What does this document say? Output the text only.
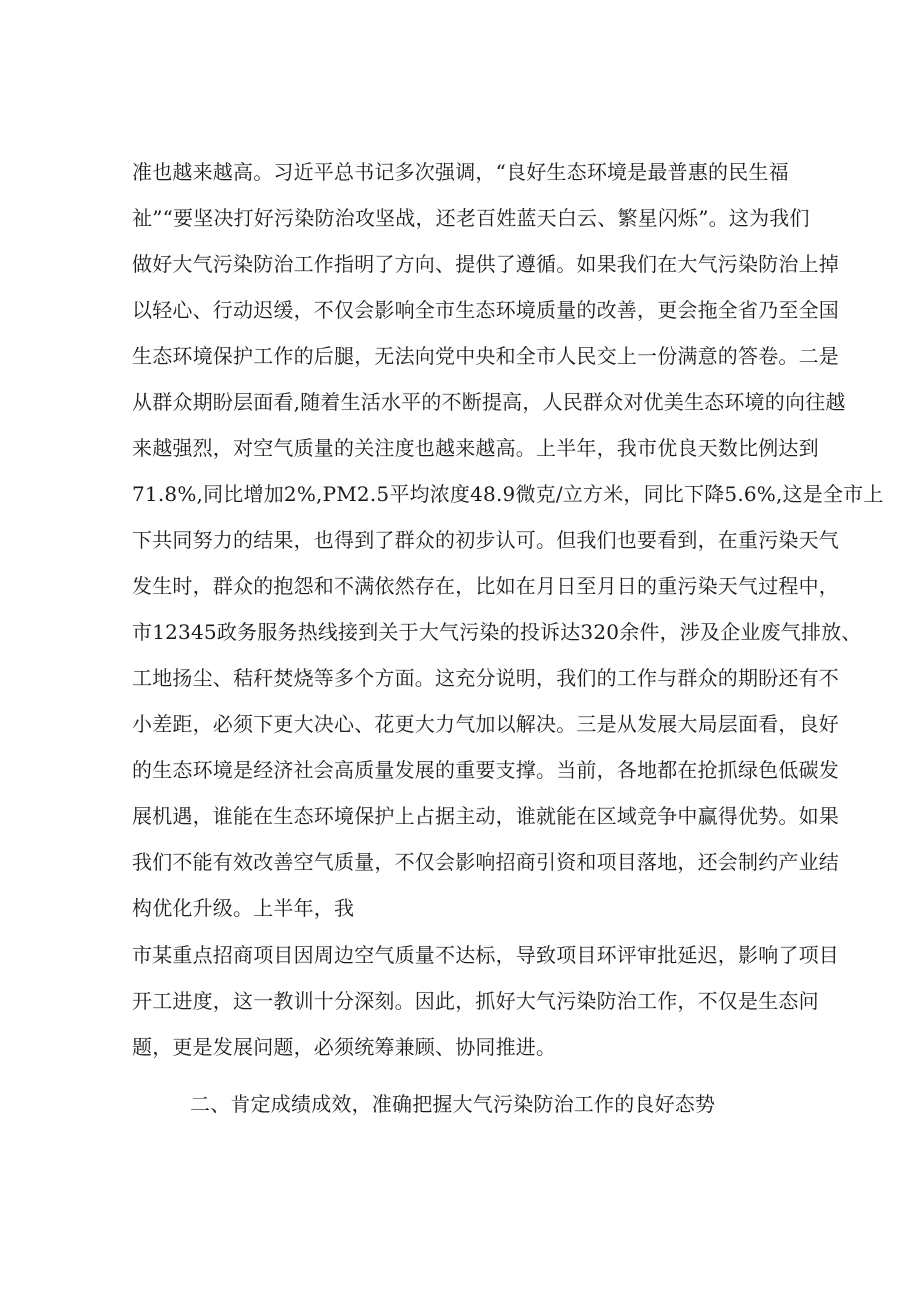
准也越来越高。习近平总书记多次强调，“良好生态环境是最普惠的民生福
祉”“要坚决打好污染防治攻坚战，还老百姓蓝天白云、繁星闪烁”。这为我们
做好大气污染防治工作指明了方向、提供了遵循。如果我们在大气污染防治上掉
以轻心、行动迟缓，不仅会影响全市生态环境质量的改善，更会拖全省乃至全国
生态环境保护工作的后腿，无法向党中央和全市人民交上一份满意的答卷。二是
从群众期盼层面看,随着生活水平的不断提高，人民群众对优美生态环境的向往越
来越强烈，对空气质量的关注度也越来越高。上半年，我市优良天数比例达到
71.8%,同比增加2%,PM2.5平均浓度48.9微克/立方米，同比下降5.6%,这是全市上
下共同努力的结果，也得到了群众的初步认可。但我们也要看到，在重污染天气
发生时，群众的抱怨和不满依然存在，比如在月日至月日的重污染天气过程中，
市12345政务服务热线接到关于大气污染的投诉达320余件，涉及企业废气排放、
工地扬尘、秸秆焚烧等多个方面。这充分说明，我们的工作与群众的期盼还有不
小差距，必须下更大决心、花更大力气加以解决。三是从发展大局层面看，良好
的生态环境是经济社会高质量发展的重要支撑。当前，各地都在抢抓绿色低碳发
展机遇，谁能在生态环境保护上占据主动，谁就能在区域竞争中赢得优势。如果
我们不能有效改善空气质量，不仅会影响招商引资和项目落地，还会制约产业结
构优化升级。上半年，我
市某重点招商项目因周边空气质量不达标，导致项目环评审批延迟，影响了项目
开工进度，这一教训十分深刻。因此，抓好大气污染防治工作，不仅是生态问
题，更是发展问题，必须统筹兼顾、协同推进。
二、肯定成绩成效，准确把握大气污染防治工作的良好态势
